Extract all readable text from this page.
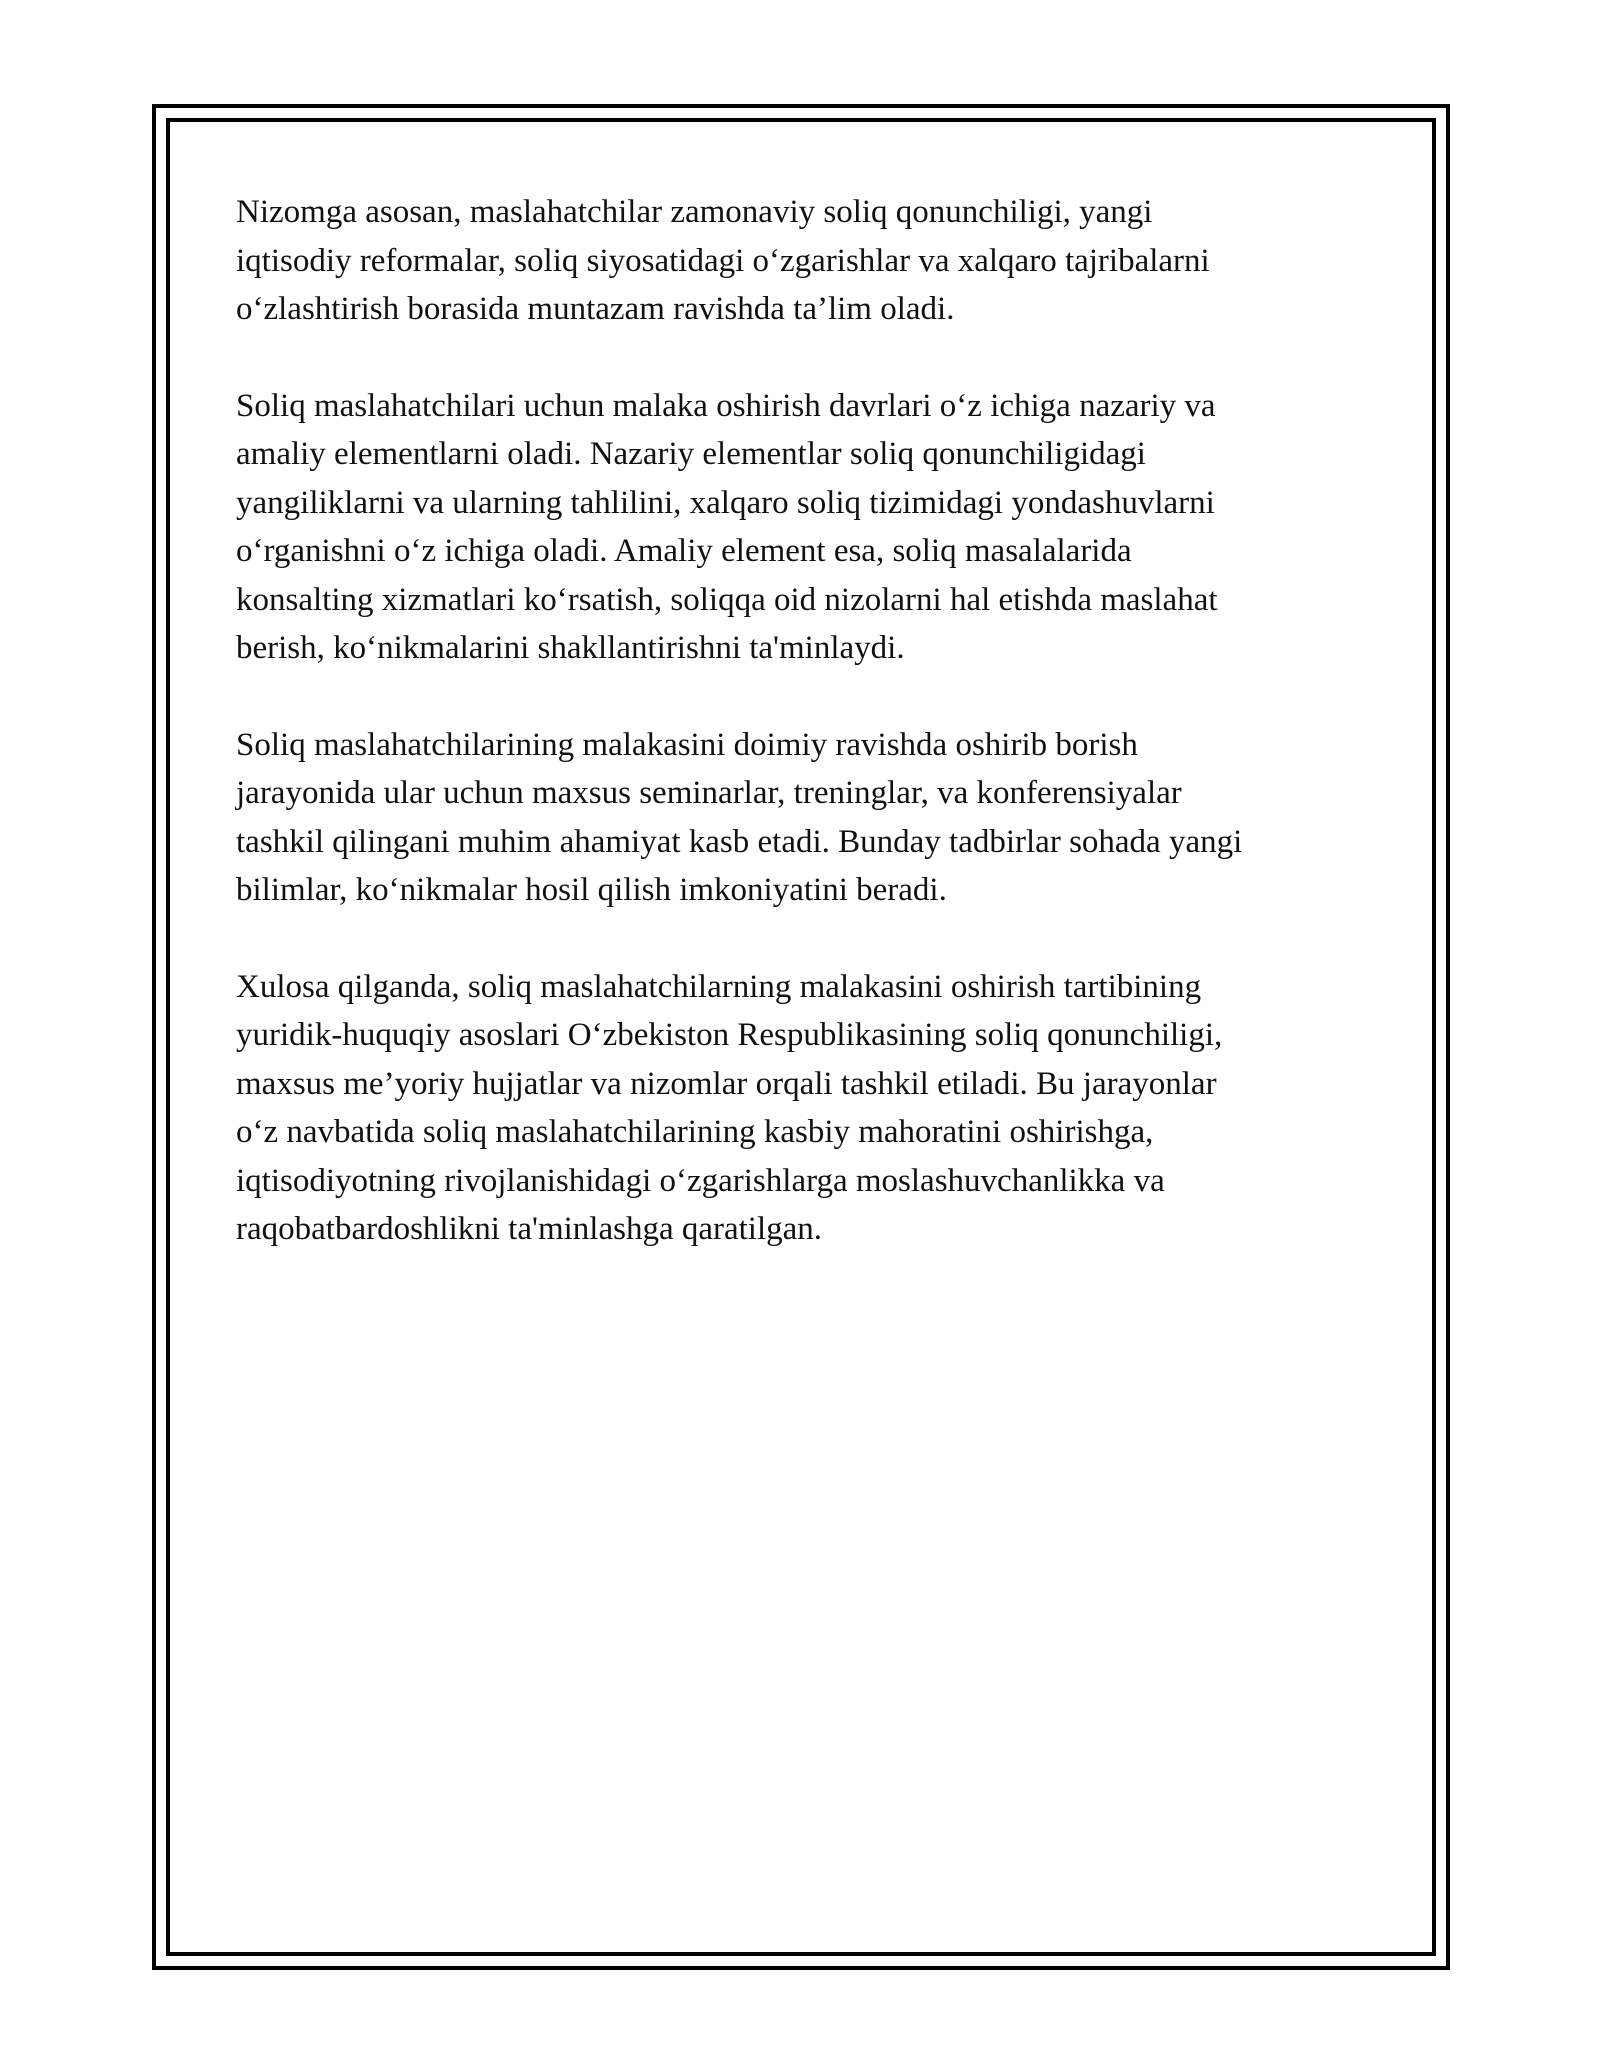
Nizomga asosan, maslahatchilar zamonaviy soliq qonunchiligi, yangi
iqtisodiy reformalar, soliq siyosatidagi o‘zgarishlar va xalqaro tajribalarni
o‘zlashtirish borasida muntazam ravishda ta’lim oladi.

Soliq maslahatchilari uchun malaka oshirish davrlari o‘z ichiga nazariy va
amaliy elementlarni oladi. Nazariy elementlar soliq qonunchiligidagi
yangiliklarni va ularning tahlilini, xalqaro soliq tizimidagi yondashuvlarni
o‘rganishni o‘z ichiga oladi. Amaliy element esa, soliq masalalarida
konsalting xizmatlari ko‘rsatish, soliqqa oid nizolarni hal etishda maslahat
berish, ko‘nikmalarini shakllantirishni ta'minlaydi.

Soliq maslahatchilarining malakasini doimiy ravishda oshirib borish
jarayonida ular uchun maxsus seminarlar, treninglar, va konferensiyalar
tashkil qilingani muhim ahamiyat kasb etadi. Bunday tadbirlar sohada yangi
bilimlar, ko‘nikmalar hosil qilish imkoniyatini beradi.

Xulosa qilganda, soliq maslahatchilarning malakasini oshirish tartibining
yuridik-huquqiy asoslari O‘zbekiston Respublikasining soliq qonunchiligi,
maxsus me’yoriy hujjatlar va nizomlar orqali tashkil etiladi. Bu jarayonlar
o‘z navbatida soliq maslahatchilarining kasbiy mahoratini oshirishga,
iqtisodiyotning rivojlanishidagi o‘zgarishlarga moslashuvchanlikka va
raqobatbardoshlikni ta'minlashga qaratilgan.
